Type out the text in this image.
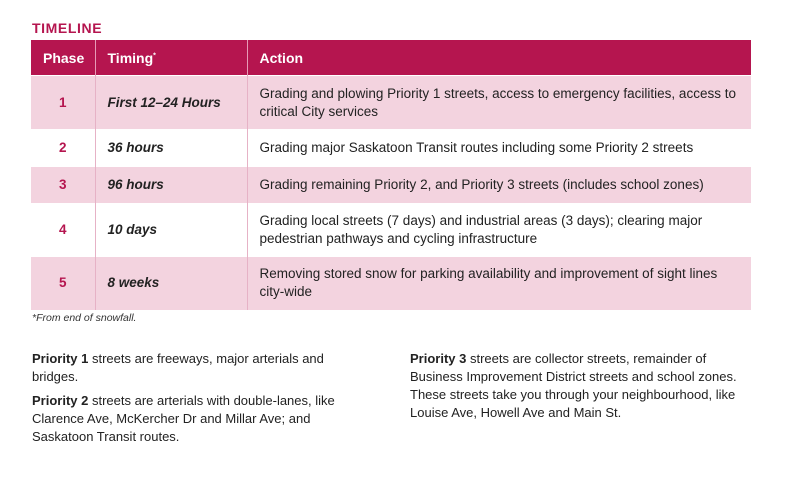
TIMELINE
Phase	Timing*	Action
1	First 12–24 Hours	Grading and plowing Priority 1 streets, access to emergency facilities, access to critical City services
2	36 hours	Grading major Saskatoon Transit routes including some Priority 2 streets
3	96 hours	Grading remaining Priority 2, and Priority 3 streets (includes school zones)
4	10 days	Grading local streets (7 days) and industrial areas (3 days); clearing major pedestrian pathways and cycling infrastructure
5	8 weeks	Removing stored snow for parking availability and improvement of sight lines city-wide
*From end of snowfall.
Priority 1 streets are freeways, major arterials and bridges.
Priority 2 streets are arterials with double-lanes, like Clarence Ave, McKercher Dr and Millar Ave; and Saskatoon Transit routes.
Priority 3 streets are collector streets, remainder of Business Improvement District streets and school zones. These streets take you through your neighbourhood, like Louise Ave, Howell Ave and Main St.
